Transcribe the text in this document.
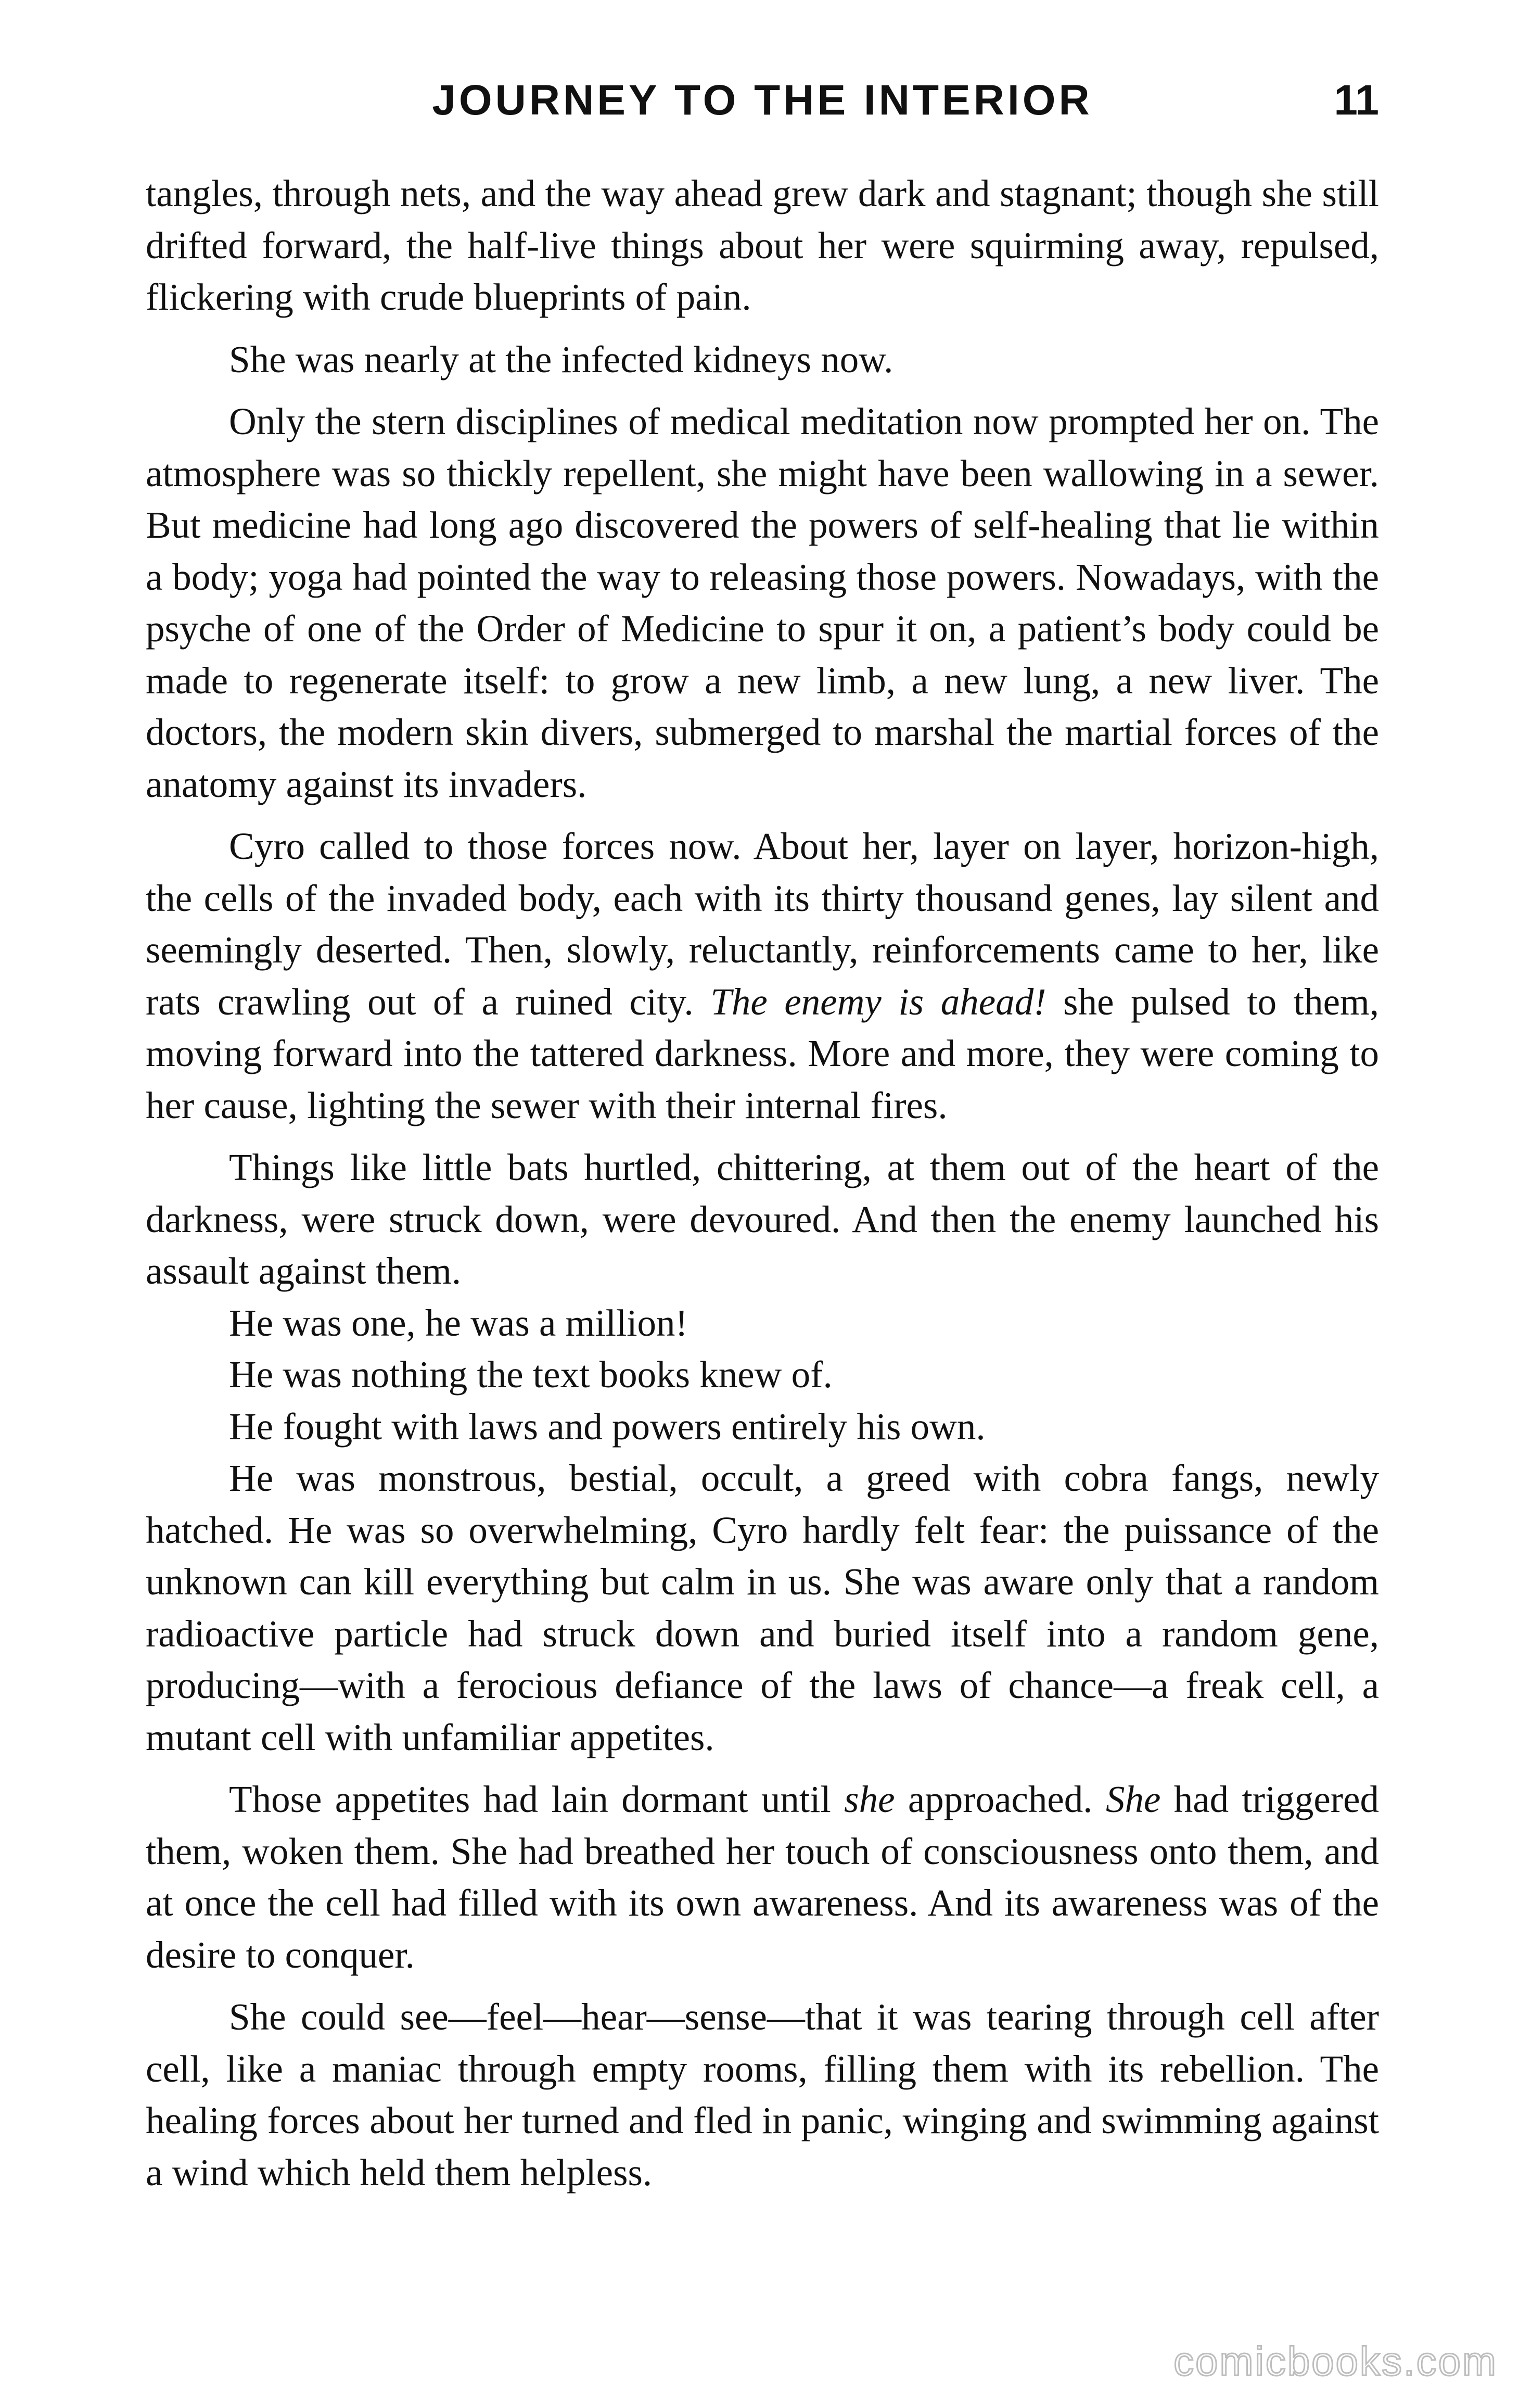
JOURNEY TO THE INTERIOR	11

tangles, through nets, and the way ahead grew dark and stagnant; though she still drifted forward, the half-live things about her were squirming away, repulsed, flickering with crude blueprints of pain.

She was nearly at the infected kidneys now.

Only the stern disciplines of medical meditation now prompted her on. The atmosphere was so thickly repellent, she might have been wallowing in a sewer. But medicine had long ago discovered the powers of self-healing that lie within a body; yoga had pointed the way to releasing those powers. Nowadays, with the psyche of one of the Order of Medicine to spur it on, a patient’s body could be made to regenerate itself: to grow a new limb, a new lung, a new liver. The doctors, the modern skin divers, submerged to marshal the martial forces of the anatomy against its invaders.

Cyro called to those forces now. About her, layer on layer, horizon-high, the cells of the invaded body, each with its thirty thousand genes, lay silent and seemingly deserted. Then, slowly, reluctantly, reinforcements came to her, like rats crawling out of a ruined city. The enemy is ahead! she pulsed to them, moving forward into the tattered darkness. More and more, they were coming to her cause, lighting the sewer with their internal fires.

Things like little bats hurtled, chittering, at them out of the heart of the darkness, were struck down, were devoured. And then the enemy launched his assault against them.

He was one, he was a million!

He was nothing the text books knew of.

He fought with laws and powers entirely his own.

He was monstrous, bestial, occult, a greed with cobra fangs, newly hatched. He was so overwhelming, Cyro hardly felt fear: the puissance of the unknown can kill everything but calm in us. She was aware only that a random radioactive particle had struck down and buried itself into a random gene, producing—with a ferocious defiance of the laws of chance—a freak cell, a mutant cell with unfamiliar appetites.

Those appetites had lain dormant until she approached. She had triggered them, woken them. She had breathed her touch of consciousness onto them, and at once the cell had filled with its own awareness. And its awareness was of the desire to conquer.

She could see—feel—hear—sense—that it was tearing through cell after cell, like a maniac through empty rooms, filling them with its rebellion. The healing forces about her turned and fled in panic, winging and swimming against a wind which held them helpless.

comicbooks.com
